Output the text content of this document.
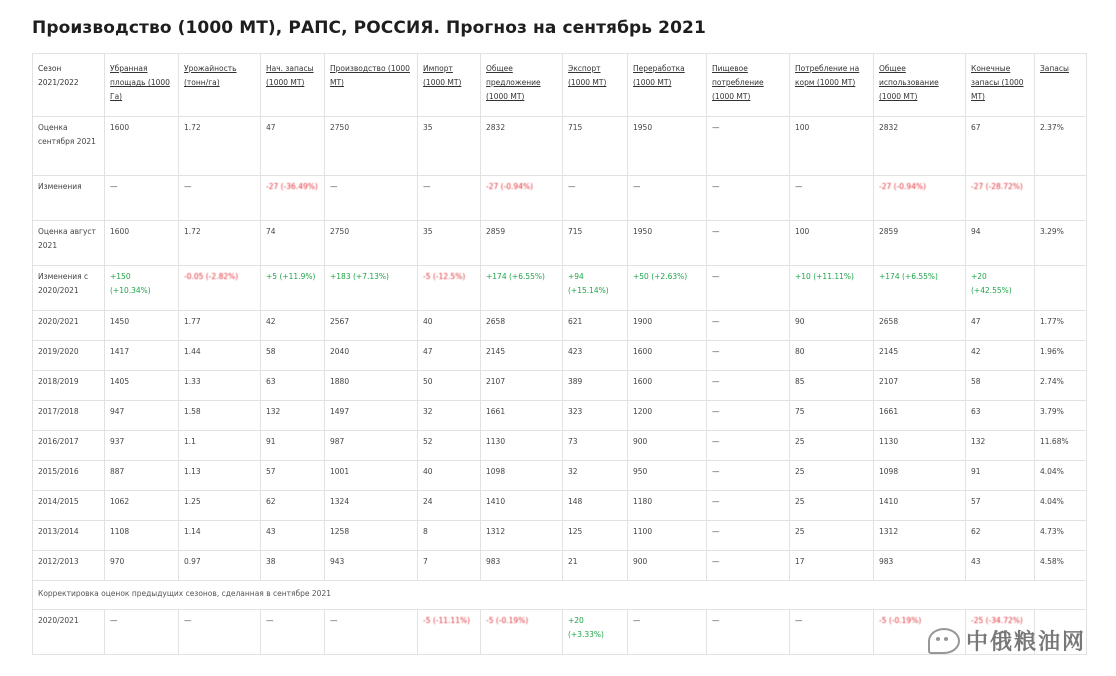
Производство (1000 МТ), РАПС, РОССИЯ. Прогноз на сентябрь 2021
Сезон 2021/2022	Убранная площадь (1000 Га)	Урожайность (тонн/га)	Нач. запасы (1000 МТ)	Производство (1000 МТ)	Импорт (1000 МТ)	Общее предложение (1000 МТ)	Экспорт (1000 МТ)	Переработка (1000 МТ)	Пищевое потребление (1000 МТ)	Потребление на корм (1000 МТ)	Общее использование (1000 МТ)	Конечные запасы (1000 МТ)	Запасы
Оценка сентября 2021	1600	1.72	47	2750	35	2832	715	1950	—	100	2832	67	2.37%
Изменения	—	—	-27 (-36.49%)	—	—	-27 (-0.94%)	—	—	—	—	-27 (-0.94%)	-27 (-28.72%)	
Оценка август 2021	1600	1.72	74	2750	35	2859	715	1950	—	100	2859	94	3.29%
Изменения с 2020/2021	+150 (+10.34%)	-0.05 (-2.82%)	+5 (+11.9%)	+183 (+7.13%)	-5 (-12.5%)	+174 (+6.55%)	+94 (+15.14%)	+50 (+2.63%)	—	+10 (+11.11%)	+174 (+6.55%)	+20 (+42.55%)	
2020/2021	1450	1.77	42	2567	40	2658	621	1900	—	90	2658	47	1.77%
2019/2020	1417	1.44	58	2040	47	2145	423	1600	—	80	2145	42	1.96%
2018/2019	1405	1.33	63	1880	50	2107	389	1600	—	85	2107	58	2.74%
2017/2018	947	1.58	132	1497	32	1661	323	1200	—	75	1661	63	3.79%
2016/2017	937	1.1	91	987	52	1130	73	900	—	25	1130	132	11.68%
2015/2016	887	1.13	57	1001	40	1098	32	950	—	25	1098	91	4.04%
2014/2015	1062	1.25	62	1324	24	1410	148	1180	—	25	1410	57	4.04%
2013/2014	1108	1.14	43	1258	8	1312	125	1100	—	25	1312	62	4.73%
2012/2013	970	0.97	38	943	7	983	21	900	—	17	983	43	4.58%
Корректировка оценок предыдущих сезонов, сделанная в сентябре 2021													
2020/2021	—	—	—	—	-5 (-11.11%)	-5 (-0.19%)	+20 (+3.33%)	—	—	—	-5 (-0.19%)	-25 (-34.72%)	
中俄粮油网
